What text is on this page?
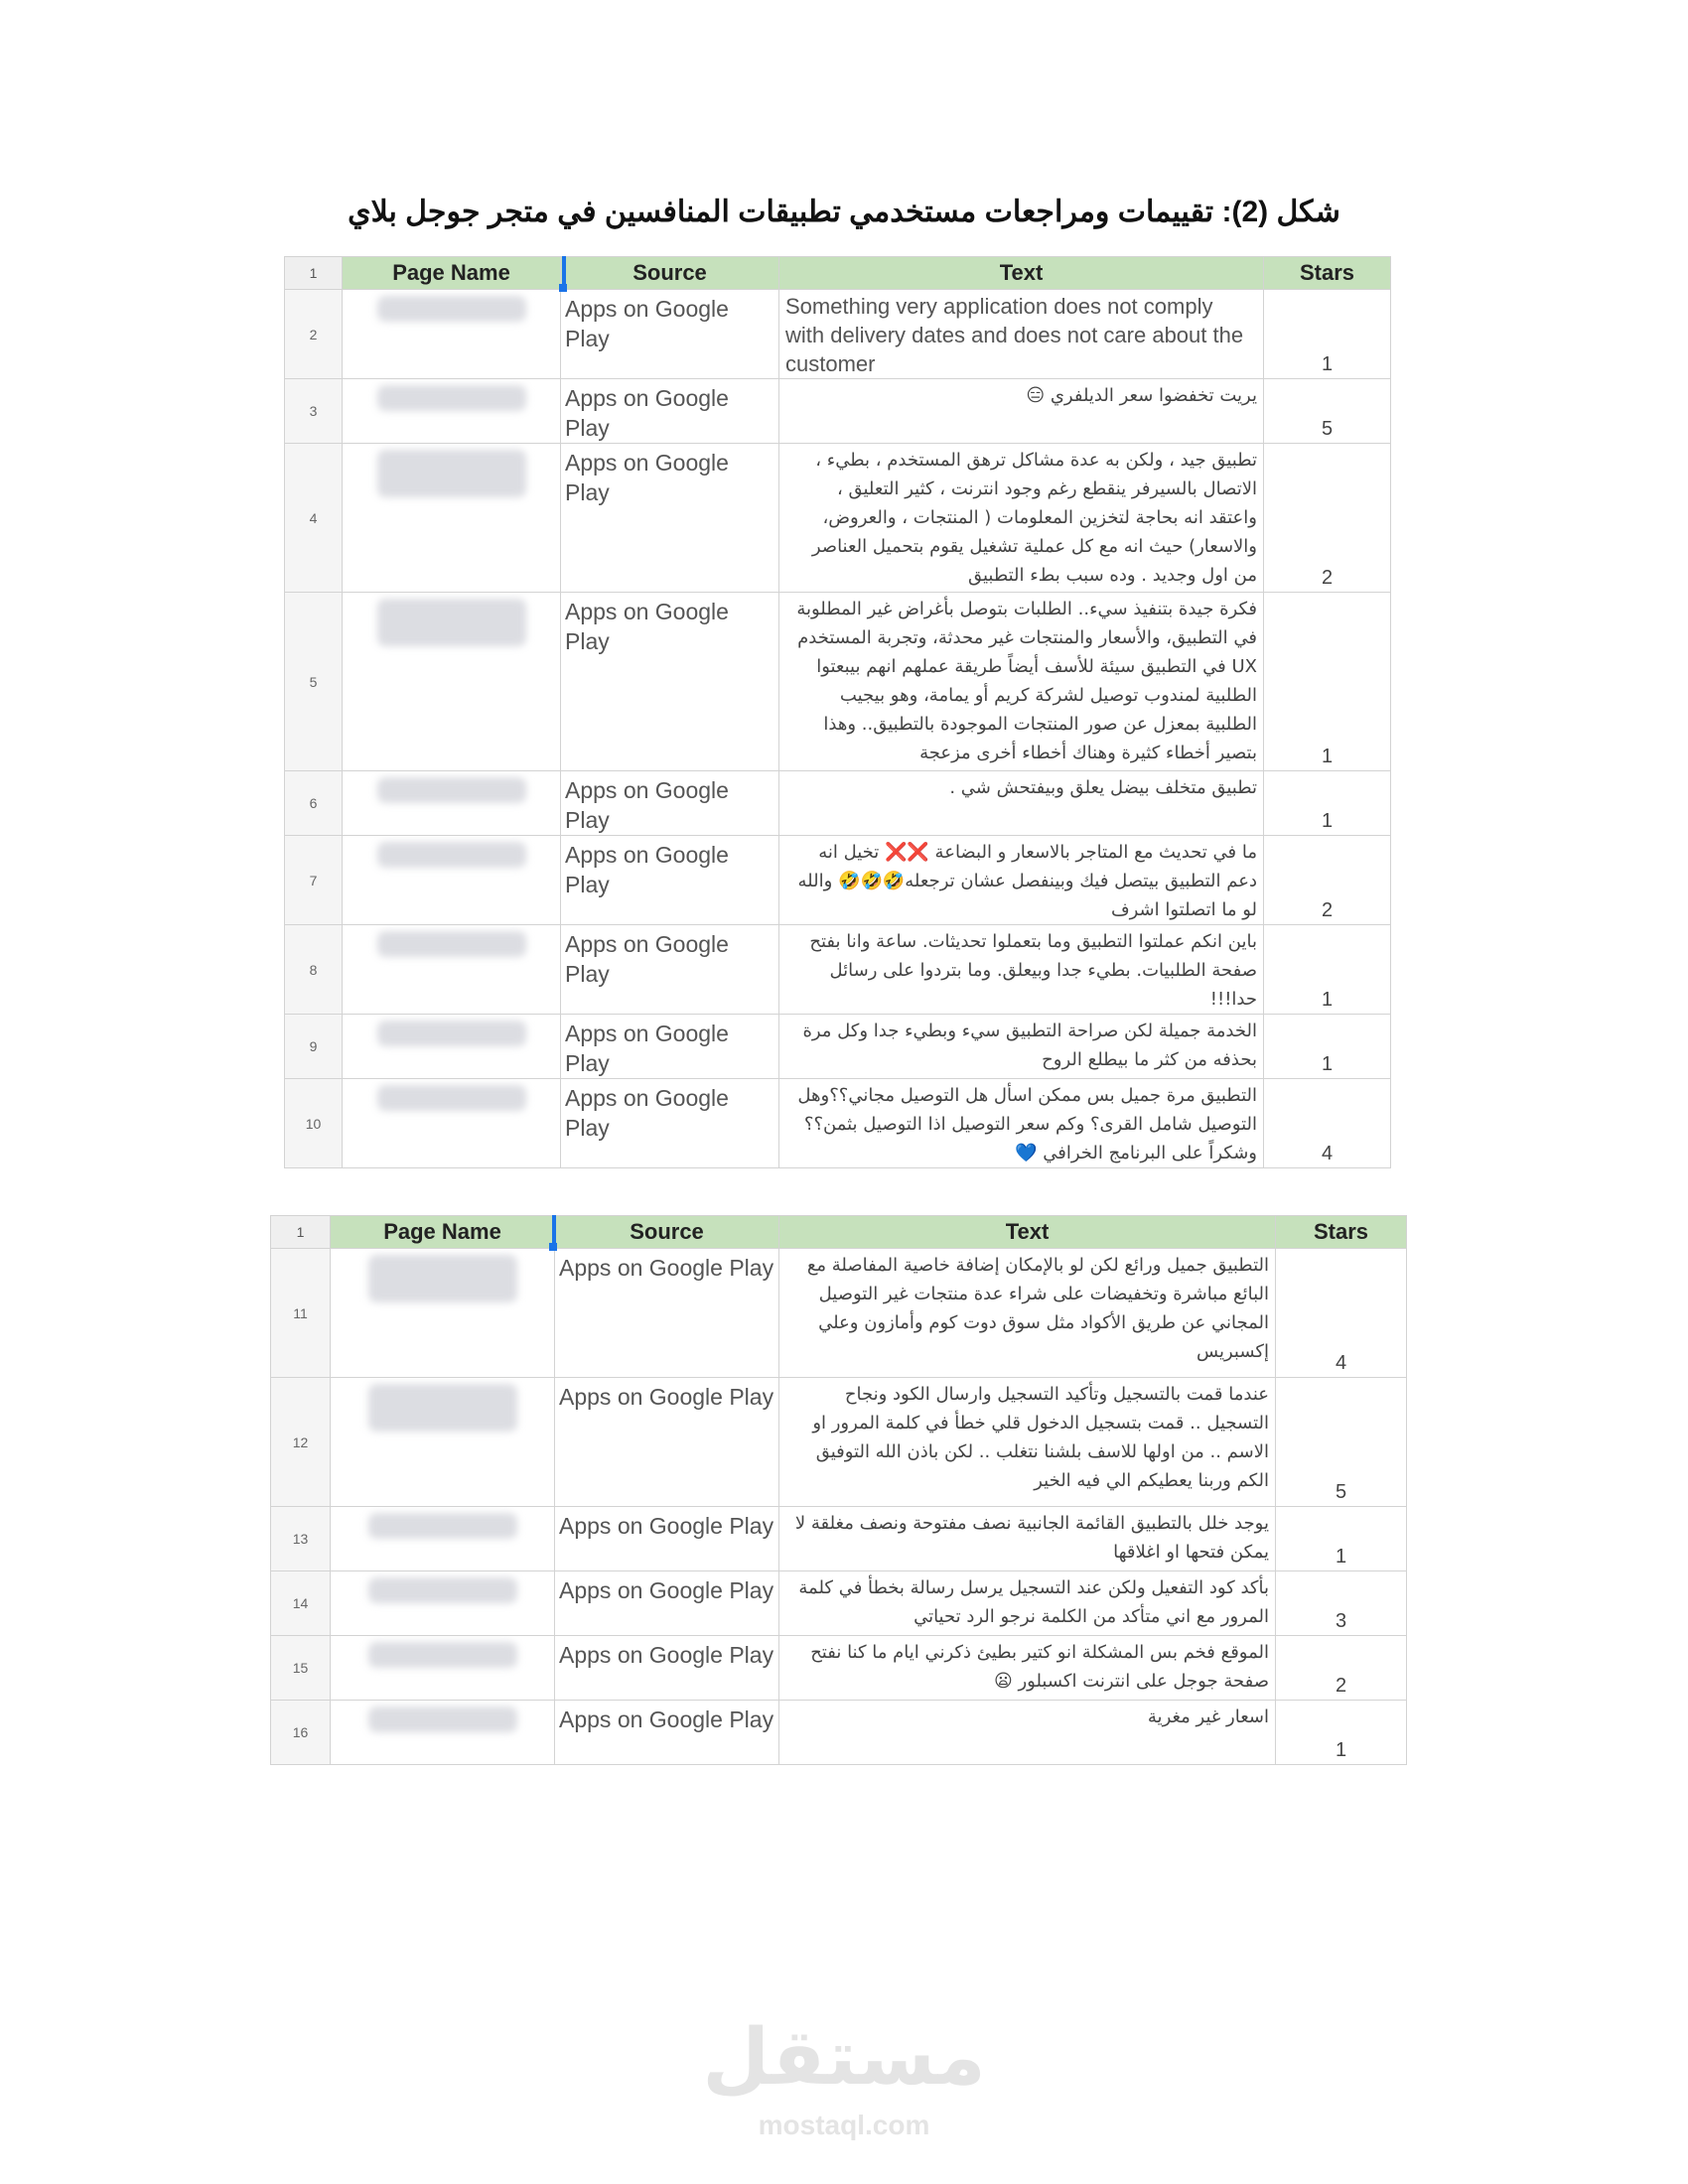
شكل (2): تقييمات ومراجعات مستخدمي تطبيقات المنافسين في متجر جوجل بلاي
1	Page Name	Source	Text	Stars
2		Apps on Google Play	Something very application does not comply with delivery dates and does not care about the customer	1
3		Apps on Google Play	يريت تخفضوا سعر الديلفري 😑	5
4		Apps on Google Play	تطبيق جيد ، ولكن به عدة مشاكل ترهق المستخدم ، بطيء ، الاتصال بالسيرفر ينقطع رغم وجود انترنت ، كثير التعليق ، واعتقد انه بحاجة لتخزين المعلومات ( المنتجات ، والعروض، والاسعار) حيث انه مع كل عملية تشغيل يقوم بتحميل العناصر من اول وجديد . وده سبب بطء التطبيق	2
5		Apps on Google Play	فكرة جيدة بتنفيذ سيء.. الطلبات بتوصل بأغراض غير المطلوبة في التطبيق، والأسعار والمنتجات غير محدثة، وتجربة المستخدم UX في التطبيق سيئة للأسف أيضاً طريقة عملهم انهم بيبعتوا الطلبية لمندوب توصيل لشركة كريم أو يمامة، وهو بيجيب الطلبية بمعزل عن صور المنتجات الموجودة بالتطبيق.. وهذا بتصير أخطاء كثيرة وهناك أخطاء أخرى مزعجة	1
6		Apps on Google Play	تطبيق متخلف بيضل يعلق وبيفتحش شي .	1
7		Apps on Google Play	ما في تحديث مع المتاجر بالاسعار و البضاعة ❌❌ تخيل انه دعم التطبيق بيتصل فيك وبينفصل عشان ترجعله🤣🤣🤣 والله لو ما اتصلتوا اشرف	2
8		Apps on Google Play	باين انكم عملتوا التطبيق وما بتعملوا تحديثات. ساعة وانا بفتح صفحة الطلبيات. بطيء جدا وبيعلق. وما بتردوا على رسائل حدا!!!	1
9		Apps on Google Play	الخدمة جميلة لكن صراحة التطبيق سيء وبطيء جدا وكل مرة بحذفه من كثر ما بيطلع الروح	1
10		Apps on Google Play	التطبيق مرة جميل بس ممكن اسأل هل التوصيل مجاني؟؟وهل التوصيل شامل القرى؟ وكم سعر التوصيل اذا التوصيل بثمن؟؟وشكراً على البرنامج الخرافي 💙	4
1	Page Name	Source	Text	Stars
11		Apps on Google Play	التطبيق جميل ورائع لكن لو بالإمكان إضافة خاصية المفاصلة مع البائع مباشرة وتخفيضات على شراء عدة منتجات غير التوصيل المجاني عن طريق الأكواد مثل سوق دوت كوم وأمازون وعلي إكسبريس	4
12		Apps on Google Play	عندما قمت بالتسجيل وتأكيد التسجيل وارسال الكود ونجاح التسجيل .. قمت بتسجيل الدخول قلي خطأ في كلمة المرور او الاسم .. من اولها للاسف بلشنا نتغلب .. لكن باذن الله التوفيق الكم وربنا يعطيكم الي فيه الخير	5
13		Apps on Google Play	يوجد خلل بالتطبيق القائمة الجانبية نصف مفتوحة ونصف مغلقة لا يمكن فتحها او اغلاقها	1
14		Apps on Google Play	بأكد كود التفعيل ولكن عند التسجيل يرسل رسالة بخطأ في كلمة المرور مع اني متأكد من الكلمة نرجو الرد تحياتي	3
15		Apps on Google Play	الموقع فخم بس المشكلة انو كتير بطيئ ذكرني ايام ما كنا نفتح صفحة جوجل على انترنت اكسبلور 😦	2
16		Apps on Google Play	اسعار غير مغرية	1
مستقل
mostaql.com
